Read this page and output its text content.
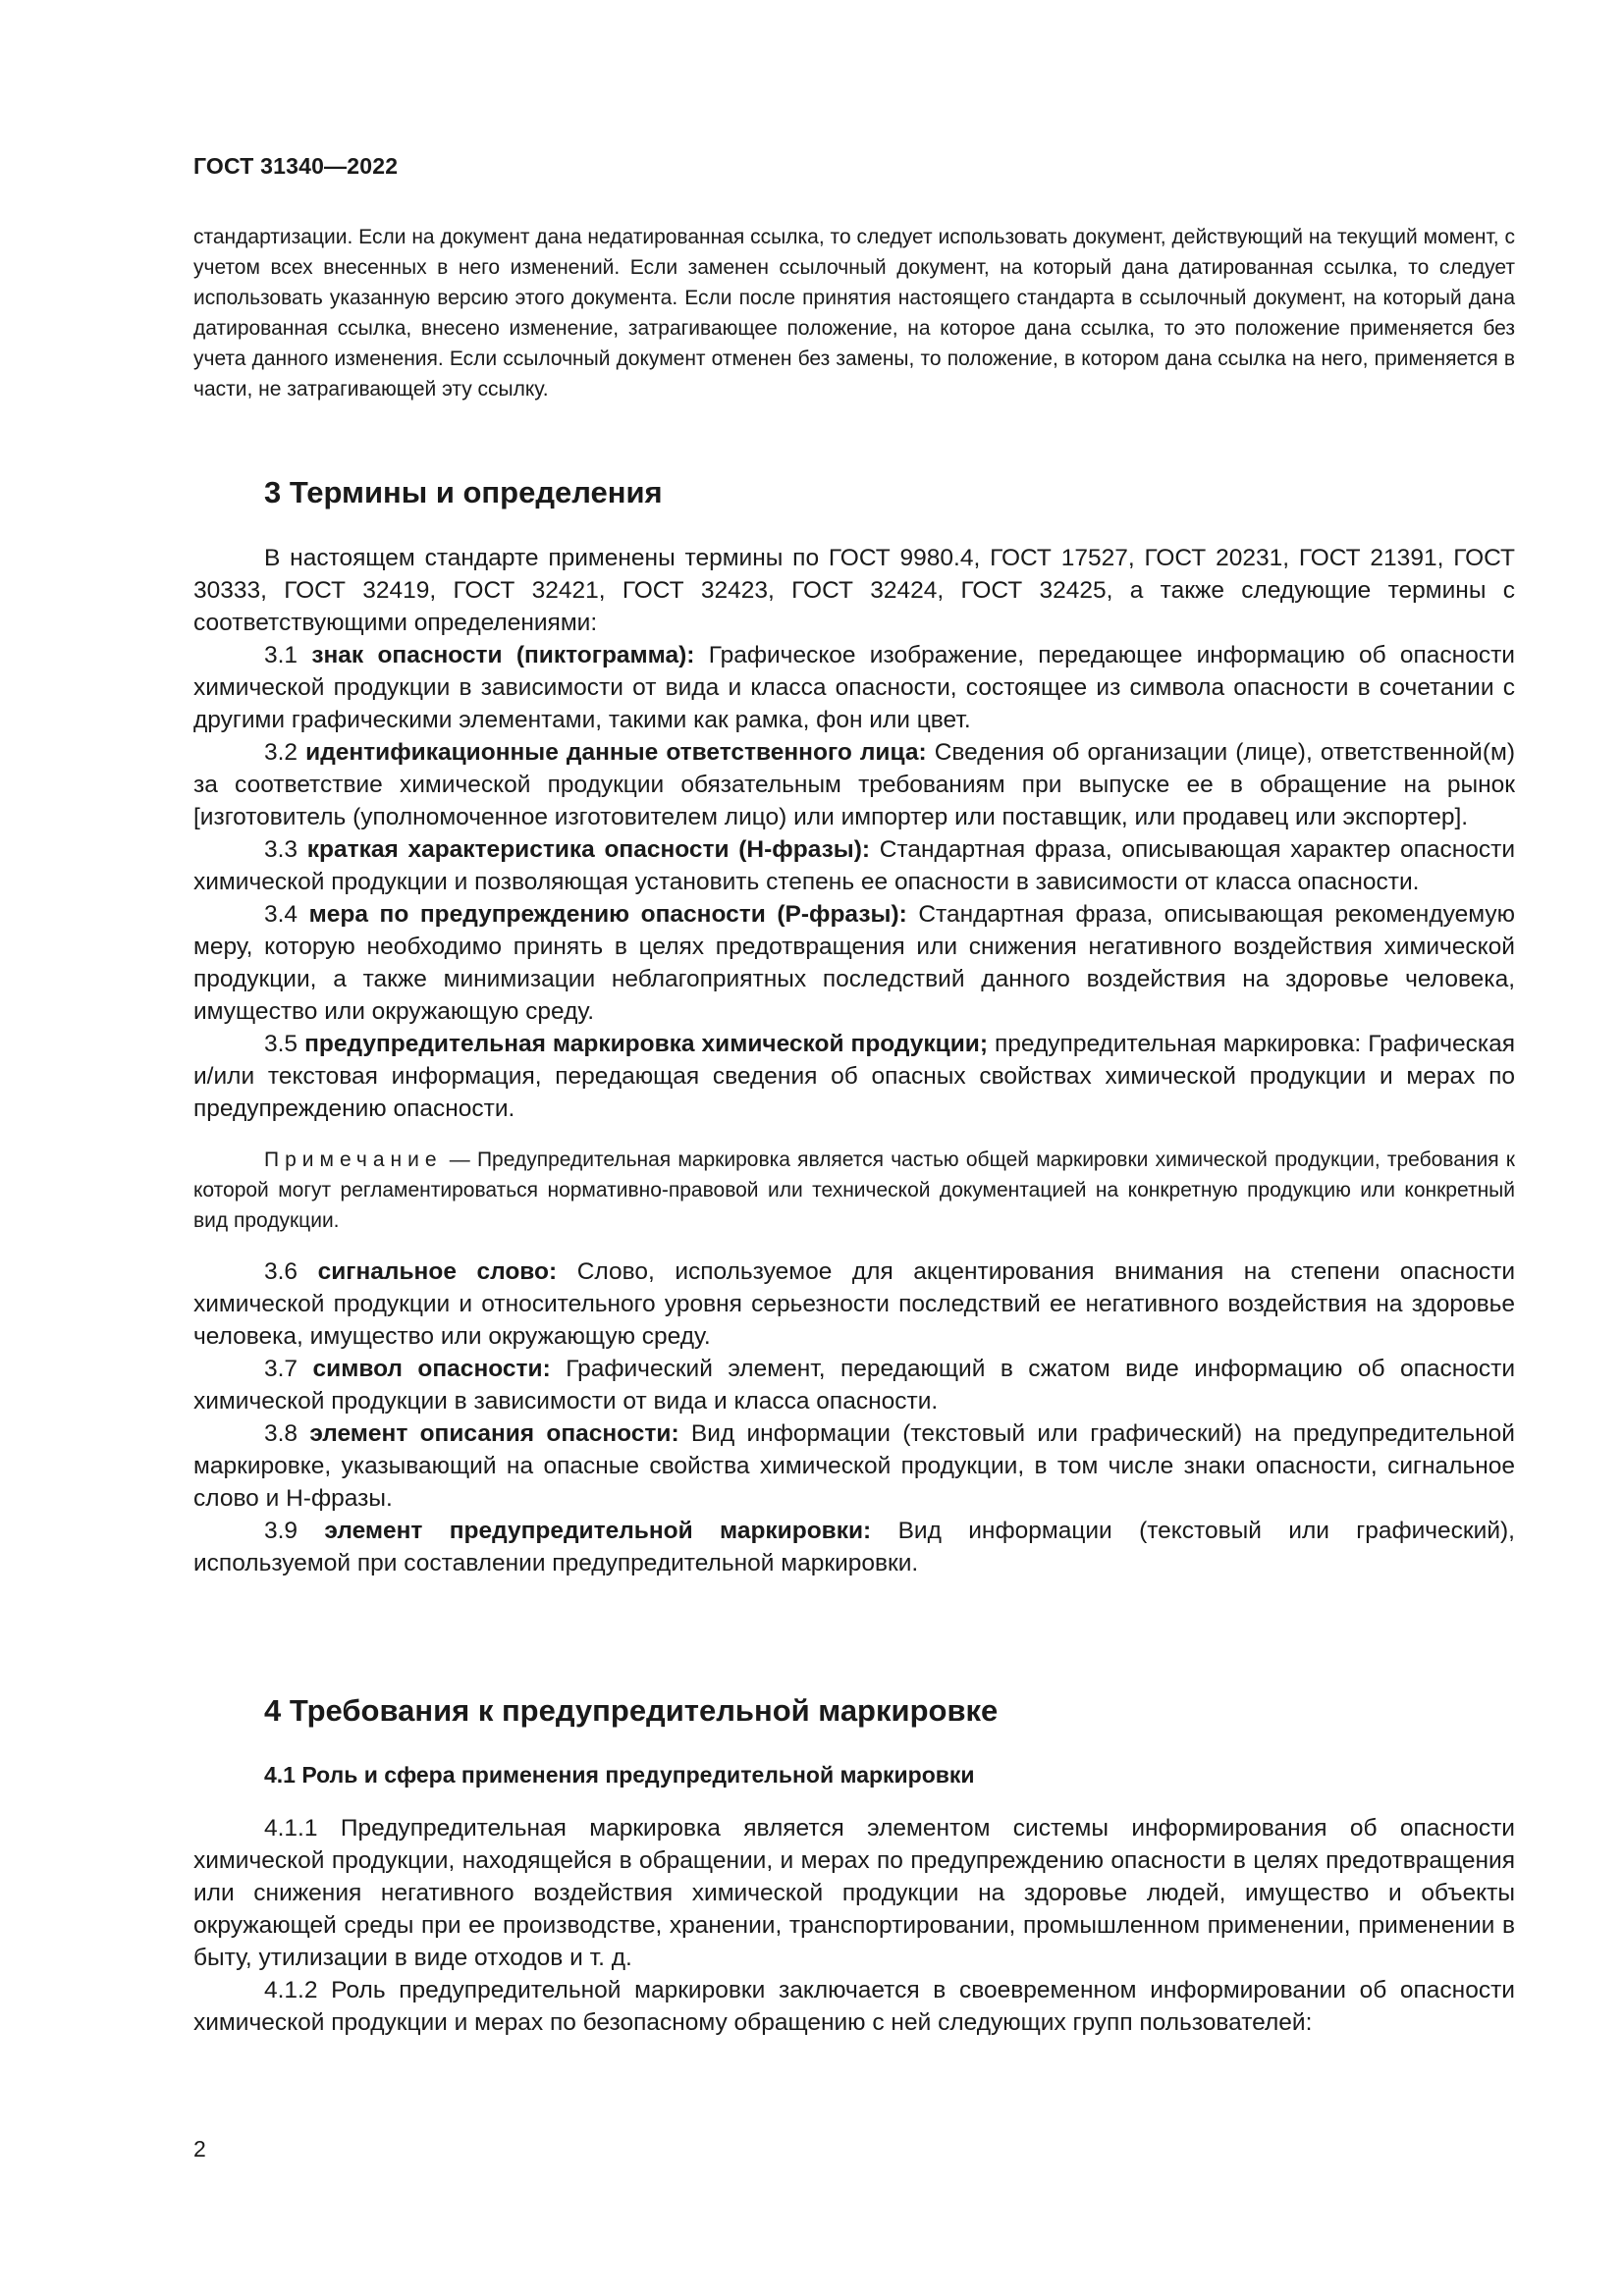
ГОСТ 31340—2022
стандартизации. Если на документ дана недатированная ссылка, то следует использовать документ, действующий на текущий момент, с учетом всех внесенных в него изменений. Если заменен ссылочный документ, на который дана датированная ссылка, то следует использовать указанную версию этого документа. Если после принятия настоящего стандарта в ссылочный документ, на который дана датированная ссылка, внесено изменение, затрагивающее положение, на которое дана ссылка, то это положение применяется без учета данного изменения. Если ссылочный документ отменен без замены, то положение, в котором дана ссылка на него, применяется в части, не затрагивающей эту ссылку.
3 Термины и определения

В настоящем стандарте применены термины по ГОСТ 9980.4, ГОСТ 17527, ГОСТ 20231, ГОСТ 21391, ГОСТ 30333, ГОСТ 32419, ГОСТ 32421, ГОСТ 32423, ГОСТ 32424, ГОСТ 32425, а также следующие термины с соответствующими определениями:

3.1 знак опасности (пиктограмма): Графическое изображение, передающее информацию об опасности химической продукции в зависимости от вида и класса опасности, состоящее из символа опасности в сочетании с другими графическими элементами, такими как рамка, фон или цвет.

3.2 идентификационные данные ответственного лица: Сведения об организации (лице), ответственной(м) за соответствие химической продукции обязательным требованиям при выпуске ее в обращение на рынок [изготовитель (уполномоченное изготовителем лицо) или импортер или поставщик, или продавец или экспортер].

3.3 краткая характеристика опасности (H-фразы): Стандартная фраза, описывающая характер опасности химической продукции и позволяющая установить степень ее опасности в зависимости от класса опасности.

3.4 мера по предупреждению опасности (P-фразы): Стандартная фраза, описывающая рекомендуемую меру, которую необходимо принять в целях предотвращения или снижения негативного воздействия химической продукции, а также минимизации неблагоприятных последствий данного воздействия на здоровье человека, имущество или окружающую среду.

3.5 предупредительная маркировка химической продукции; предупредительная маркировка: Графическая и/или текстовая информация, передающая сведения об опасных свойствах химической продукции и мерах по предупреждению опасности.

Примечание — Предупредительная маркировка является частью общей маркировки химической продукции, требования к которой могут регламентироваться нормативно-правовой или технической документацией на конкретную продукцию или конкретный вид продукции.

3.6 сигнальное слово: Слово, используемое для акцентирования внимания на степени опасности химической продукции и относительного уровня серьезности последствий ее негативного воздействия на здоровье человека, имущество или окружающую среду.

3.7 символ опасности: Графический элемент, передающий в сжатом виде информацию об опасности химической продукции в зависимости от вида и класса опасности.

3.8 элемент описания опасности: Вид информации (текстовый или графический) на предупредительной маркировке, указывающий на опасные свойства химической продукции, в том числе знаки опасности, сигнальное слово и H-фразы.

3.9 элемент предупредительной маркировки: Вид информации (текстовый или графический), используемой при составлении предупредительной маркировки.

4 Требования к предупредительной маркировке
4.1 Роль и сфера применения предупредительной маркировки

4.1.1 Предупредительная маркировка является элементом системы информирования об опасности химической продукции, находящейся в обращении, и мерах по предупреждению опасности в целях предотвращения или снижения негативного воздействия химической продукции на здоровье людей, имущество и объекты окружающей среды при ее производстве, хранении, транспортировании, промышленном применении, применении в быту, утилизации в виде отходов и т. д.

4.1.2 Роль предупредительной маркировки заключается в своевременном информировании об опасности химической продукции и мерах по безопасному обращению с ней следующих групп пользователей:

2
